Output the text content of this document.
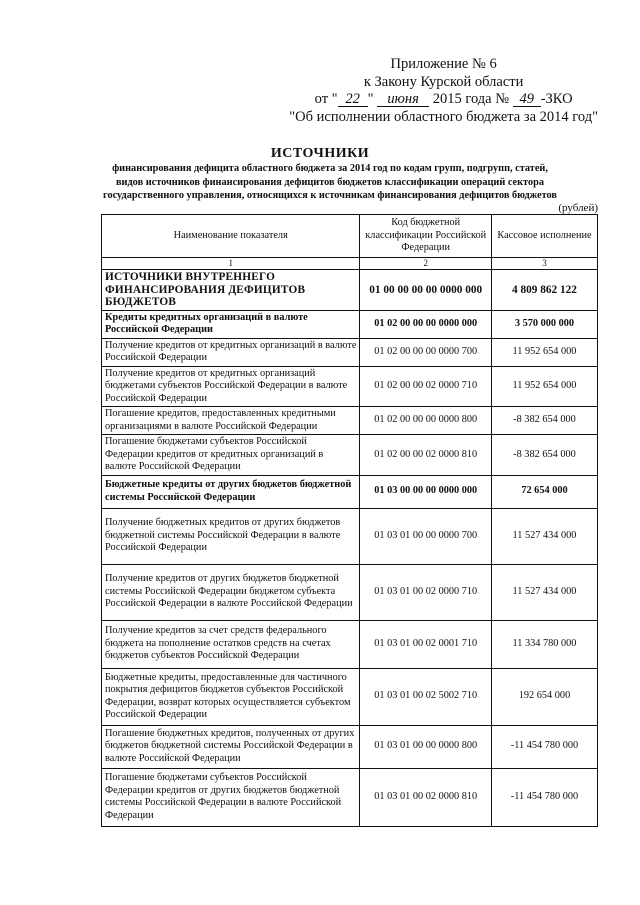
Приложение № 6
к Закону Курской области
от " 22 " июня 2015 года № 49 -ЗКО
"Об исполнении областного бюджета за 2014 год"
ИСТОЧНИКИ
финансирования дефицита областного бюджета за 2014 год по кодам групп, подгрупп, статей, видов источников финансирования дефицитов бюджетов классификации операций сектора государственного управления, относящихся к источникам финансирования дефицитов бюджетов
(рублей)
Наименование показателя	Код бюджетной классификации Российской Федерации	Кассовое исполнение
1	2	3
ИСТОЧНИКИ ВНУТРЕННЕГО ФИНАНСИРОВАНИЯ ДЕФИЦИТОВ БЮДЖЕТОВ	01 00 00 00 00 0000 000	4 809 862 122
Кредиты кредитных организаций в валюте Российской Федерации	01 02 00 00 00 0000 000	3 570 000 000
Получение кредитов от кредитных организаций в валюте Российской Федерации	01 02 00 00 00 0000 700	11 952 654 000
Получение кредитов от кредитных организаций бюджетами субъектов Российской Федерации в валюте Российской Федерации	01 02 00 00 02 0000 710	11 952 654 000
Погашение кредитов, предоставленных кредитными организациями в валюте Российской Федерации	01 02 00 00 00 0000 800	-8 382 654 000
Погашение бюджетами субъектов Российской Федерации кредитов от кредитных организаций в валюте Российской Федерации	01 02 00 00 02 0000 810	-8 382 654 000
Бюджетные кредиты от других бюджетов бюджетной системы Российской Федерации	01 03 00 00 00 0000 000	72 654 000
Получение бюджетных кредитов от других бюджетов бюджетной системы Российской Федерации в валюте Российской Федерации	01 03 01 00 00 0000 700	11 527 434 000
Получение кредитов от других бюджетов бюджетной системы Российской Федерации бюджетом субъекта Российской Федерации в валюте Российской Федерации	01 03 01 00 02 0000 710	11 527 434 000
Получение кредитов за счет средств федерального бюджета на пополнение остатков средств на счетах бюджетов субъектов Российской Федерации	01 03 01 00 02 0001 710	11 334 780 000
Бюджетные кредиты, предоставленные для частичного покрытия дефицитов бюджетов субъектов Российской Федерации, возврат которых осуществляется субъектом Российской Федерации	01 03 01 00 02 5002 710	192 654 000
Погашение бюджетных кредитов, полученных от других бюджетов бюджетной системы Российской Федерации в валюте Российской Федерации	01 03 01 00 00 0000 800	-11 454 780 000
Погашение бюджетами субъектов Российской Федерации кредитов от других бюджетов бюджетной системы Российской Федерации в валюте Российской Федерации	01 03 01 00 02 0000 810	-11 454 780 000
